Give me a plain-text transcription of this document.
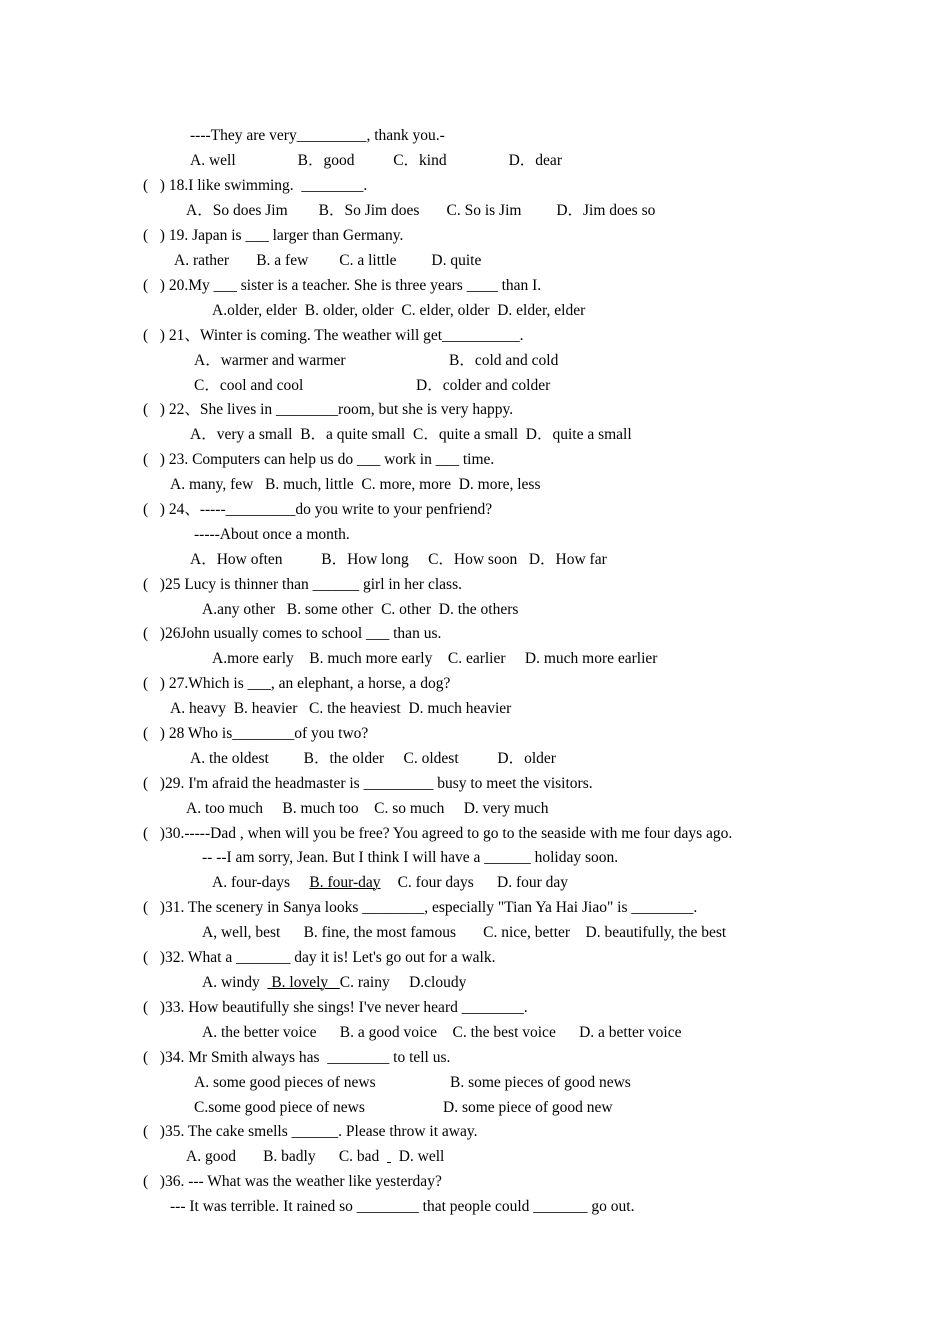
----They are very_________, thank you.-
A. well                B．good          C．kind                D．dear
(   ) 18.I like swimming.  ________.
A．So does Jim        B．So Jim does       C. So is Jim         D．Jim does so
(   ) 19. Japan is ___ larger than Germany.
A. rather       B. a few        C. a little         D. quite
(   ) 20.My ___ sister is a teacher. She is three years ____ than I.
A.older, elder  B. older, older  C. elder, older  D. elder, elder
(   ) 21、Winter is coming. The weather will get__________.
A．warmer and warmer	B．cold and cold
C．cool and cool	D．colder and colder
(   ) 22、She lives in ________room, but she is very happy.
A．very a small  B．a quite small  C．quite a small  D．quite a small
(   ) 23. Computers can help us do ___ work in ___ time.
A. many, few   B. much, little  C. more, more  D. more, less
(   ) 24、-----_________do you write to your penfriend?
-----About once a month.
A．How often          B．How long     C．How soon   D．How far
(   )25 Lucy is thinner than ______ girl in her class.
A.any other   B. some other  C. other  D. the others
(   )26John usually comes to school ___ than us.
A.more early    B. much more early    C. earlier     D. much more earlier
(   ) 27.Which is ___, an elephant, a horse, a dog?
A. heavy  B. heavier   C. the heaviest  D. much heavier
(   ) 28 Who is________of you two?
A. the oldest         B．the older     C. oldest          D．older
(   )29. I'm afraid the headmaster is _________ busy to meet the visitors.
A. too much     B. much too    C. so much     D. very much
(   )30.-----Dad , when will you be free? You agreed to go to the seaside with me four days ago.
-- --I am sorry, Jean. But I think I will have a ______ holiday soon.
A. four-days     B. four-day C. four days      D. four day
(   )31. The scenery in Sanya looks ________, especially "Tian Ya Hai Jiao" is ________.
A, well, best      B. fine, the most famous       C. nice, better    D. beautifully, the best
(   )32. What a _______ day it is! Let's go out for a walk.
A. windy   B. lovely   C. rainy     D.cloudy
(   )33. How beautifully she sings! I've never heard ________.
A. the better voice      B. a good voice    C. the best voice      D. a better voice
(   )34. Mr Smith always has  ________ to tell us.
A. some good pieces of news	B. some pieces of good news
C.some good piece of news	D. some piece of good new
(   )35. The cake smells ______. Please throw it away.
A. good       B. badly      C. bad     D. well
(   )36. --- What was the weather like yesterday?
--- It was terrible. It rained so ________ that people could _______ go out.
